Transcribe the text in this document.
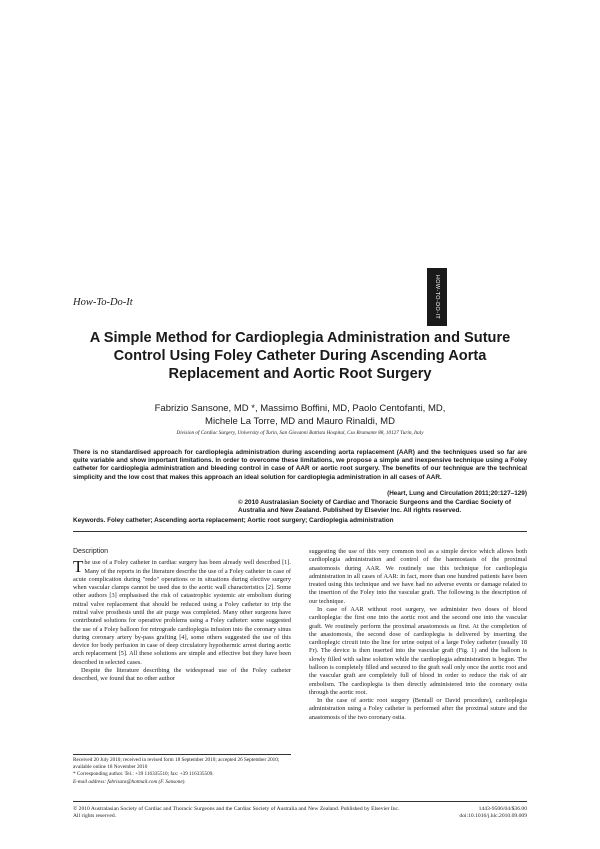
HOW-TO-DO-IT
How-To-Do-It
A Simple Method for Cardioplegia Administration and Suture Control Using Foley Catheter During Ascending Aorta Replacement and Aortic Root Surgery
Fabrizio Sansone, MD *, Massimo Boffini, MD, Paolo Centofanti, MD,
Michele La Torre, MD and Mauro Rinaldi, MD
Division of Cardiac Surgery, University of Turin, San Giovanni Battista Hospital, Cso Bramante 88, 10127 Turin, Italy
There is no standardised approach for cardioplegia administration during ascending aorta replacement (AAR) and the techniques used so far are quite variable and show important limitations. In order to overcome these limitations, we propose a simple and inexpensive technique using a Foley catheter for cardioplegia administration and bleeding control in case of AAR or aortic root surgery. The benefits of our technique are the technical simplicity and the low cost that makes this approach an ideal solution for cardioplegia administration in all cases of AAR.
(Heart, Lung and Circulation 2011;20:127–129)
© 2010 Australasian Society of Cardiac and Thoracic Surgeons and the Cardiac Society of Australia and New Zealand. Published by Elsevier Inc. All rights reserved.
Keywords. Foley catheter; Ascending aorta replacement; Aortic root surgery; Cardioplegia administration
Description

The use of a Foley catheter in cardiac surgery has been already well described [1]. Many of the reports in the literature describe the use of a Foley catheter in case of acute complication during "redo" operations or in situations during elective surgery when vascular clamps cannot be used due to the aortic wall characteristics [2]. Some other authors [3] emphasised the risk of catastrophic systemic air embolism during mitral valve replacement that should be reduced using a Foley catheter to trip the mitral valve prosthesis until the air purge was completed. Many other surgeons have contributed solutions for operative problems using a Foley catheter: some suggested the use of a Foley balloon for retrograde cardioplegia infusion into the coronary sinus during coronary artery by-pass grafting [4], some others suggested the use of this device for body perfusion in case of deep circulatory hypothermic arrest during aortic arch replacement [5]. All these solutions are simple and effective but they have been described in selected cases.

Despite the literature describing the widespread use of the Foley catheter described, we found that no other author

suggesting the use of this very common tool as a simple device which allows both cardioplegia administration and control of the haemostasis of the proximal anastomosis during AAR. We routinely use this technique for cardioplegia administration in all cases of AAR: in fact, more than one hundred patients have been treated using this technique and we have had no adverse events or damage related to the insertion of the Foley into the vascular graft. The following is the description of our technique.

In case of AAR without root surgery, we administer two doses of blood cardioplegia: the first one into the aortic root and the second one into the vascular graft. We routinely perform the proximal anastomosis as first. At the completion of the anastomosis, the second dose of cardioplegia is delivered by inserting the cardioplegic circuit into the line for urine output of a large Foley catheter (usually 18 Fr). The device is then inserted into the vascular graft (Fig. 1) and the balloon is slowly filled with saline solution while the cardioplegia administration is begun. The balloon is completely filled and secured to the graft wall only once the aortic root and the vascular graft are completely full of blood in order to reduce the risk of air embolism. The cardioplegia is then directly administered into the coronary ostia through the aortic root.

In the case of aortic root surgery (Bentall or David procedure), cardioplegia administration using a Foley catheter is performed after the proximal suture and the anastomosis of the two coronary ostia.

Received 20 July 2010; received in revised form 18 September 2010; accepted 26 September 2010; available online 18 November 2010
* Corresponding author. Tel.: +39 116335510; fax: +39 116335509.
E-mail address: fabrisans@hotmail.com (F. Sansone).
© 2010 Australasian Society of Cardiac and Thoracic Surgeons and the Cardiac Society of Australia and New Zealand. Published by Elsevier Inc. All rights reserved.
1443-9506/04/$36.00
doi:10.1016/j.hlc.2010.09.009
